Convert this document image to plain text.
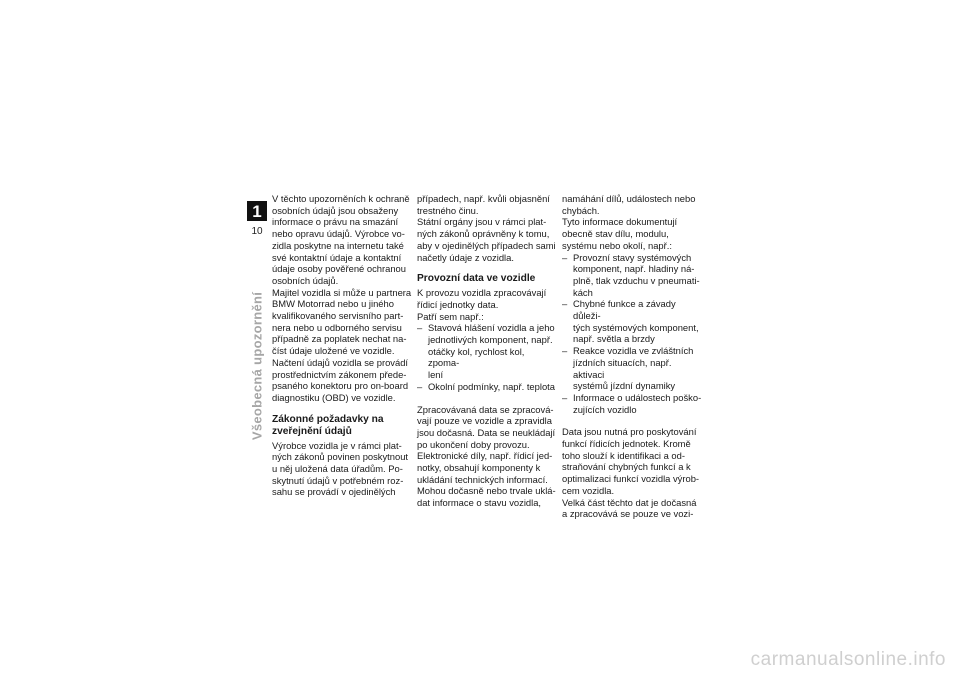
1
10
Všeobecná upozornění

V těchto upozorněních k ochraně
osobních údajů jsou obsaženy
informace o právu na smazání
nebo opravu údajů. Výrobce vo-
zidla poskytne na internetu také
své kontaktní údaje a kontaktní
údaje osoby pověřené ochranou
osobních údajů.

Majitel vozidla si může u partnera
BMW Motorrad nebo u jiného
kvalifikovaného servisního part-
nera nebo u odborného servisu
případně za poplatek nechat na-
číst údaje uložené ve vozidle.

Načtení údajů vozidla se provádí
prostřednictvím zákonem přede-
psaného konektoru pro on-board
diagnostiku (OBD) ve vozidle.

Zákonné požadavky na
zveřejnění údajů

Výrobce vozidla je v rámci plat-
ných zákonů povinen poskytnout
u něj uložená data úřadům. Po-
skytnutí údajů v potřebném roz-
sahu se provádí v ojedinělých

případech, např. kvůli objasnění
trestného činu.

Státní orgány jsou v rámci plat-
ných zákonů oprávněny k tomu,
aby v ojedinělých případech sami
načetly údaje z vozidla.

Provozní data ve vozidle

K provozu vozidla zpracovávají
řídicí jednotky data.

Patří sem např.:

– Stavová hlášení vozidla a jeho
jednotlivých komponent, např.
otáčky kol, rychlost kol, zpoma-
lení
– Okolní podmínky, např. teplota

Zpracovávaná data se zpracová-
vají pouze ve vozidle a zpravidla
jsou dočasná. Data se neukládají
po ukončení doby provozu.

Elektronické díly, např. řídicí jed-
notky, obsahují komponenty k
ukládání technických informací.
Mohou dočasně nebo trvale uklá-
dat informace o stavu vozidla,

namáhání dílů, událostech nebo
chybách.

Tyto informace dokumentují
obecně stav dílu, modulu,
systému nebo okolí, např.:

– Provozní stavy systémových
komponent, např. hladiny ná-
plně, tlak vzduchu v pneumati-
kách
– Chybné funkce a závady důleži-
tých systémových komponent,
např. světla a brzdy
– Reakce vozidla ve zvláštních
jízdních situacích, např. aktivaci
systémů jízdní dynamiky
– Informace o událostech poško-
zujících vozidlo

Data jsou nutná pro poskytování
funkcí řídicích jednotek. Kromě
toho slouží k identifikaci a od-
straňování chybných funkcí a k
optimalizaci funkcí vozidla výrob-
cem vozidla.

Velká část těchto dat je dočasná
a zpracovává se pouze ve vozi-

carmanualsonline.info
